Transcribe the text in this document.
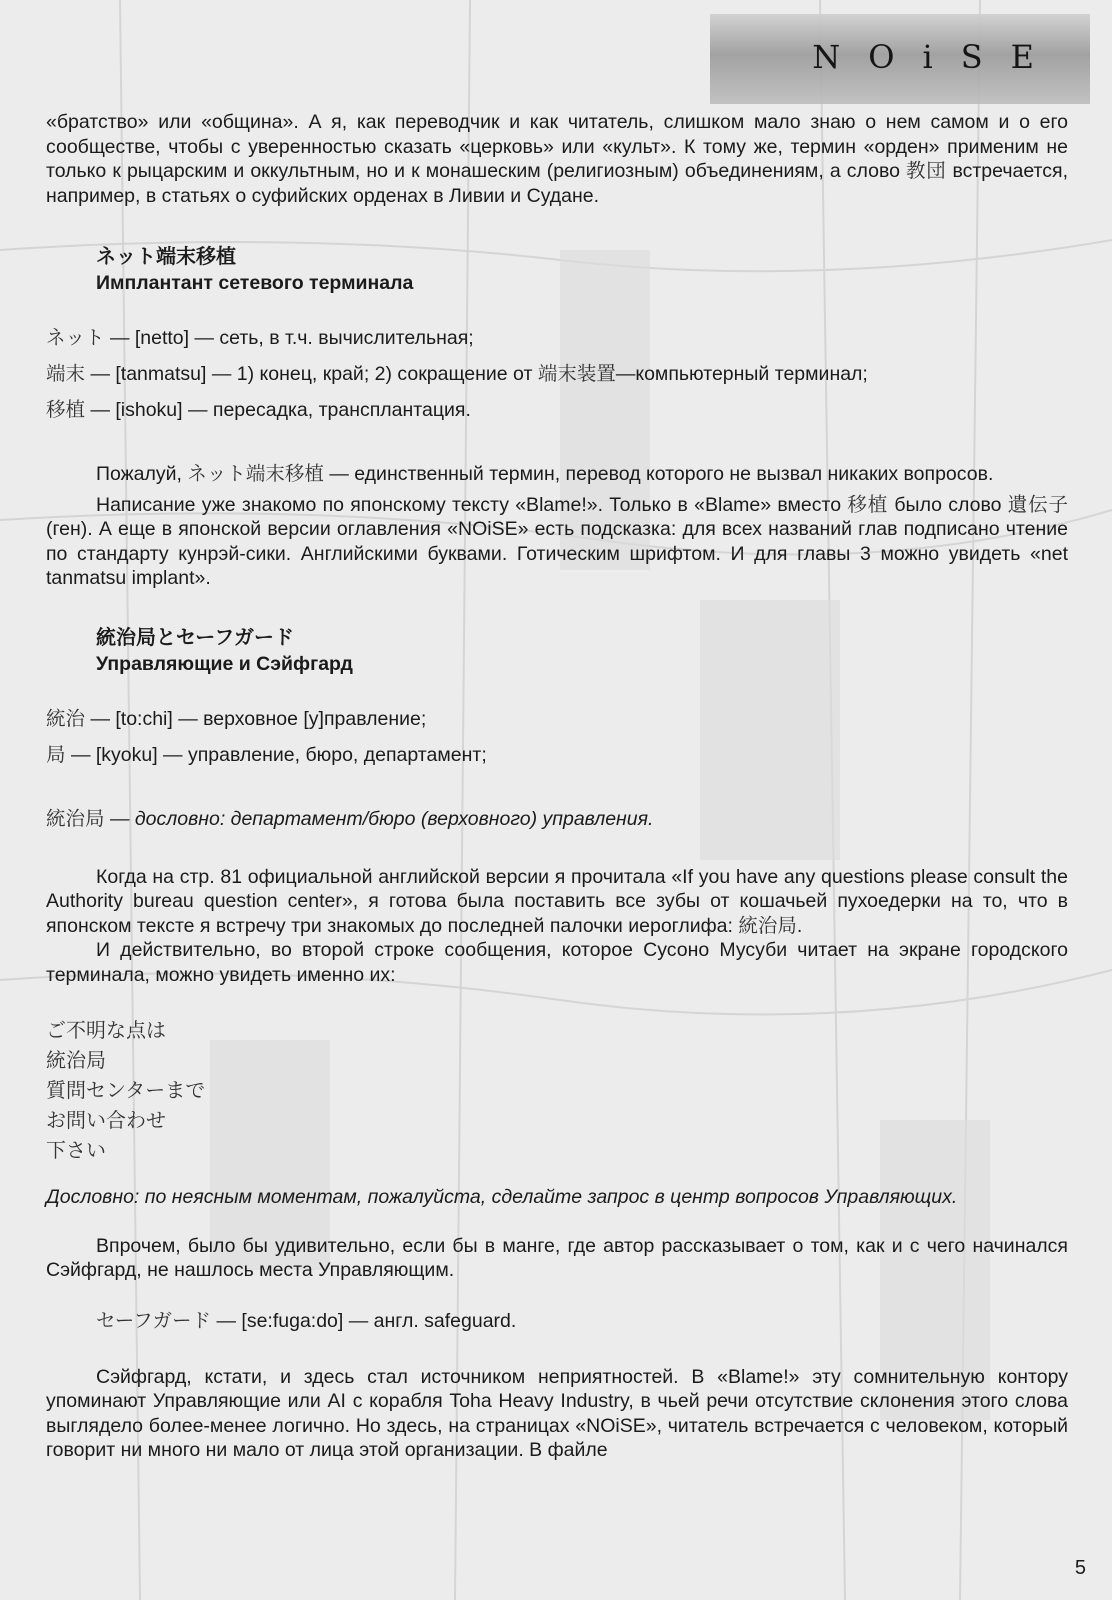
NOiSE

«братство» или «община». А я, как переводчик и как читатель, слишком мало знаю о нем самом и о его сообществе, чтобы с уверенностью сказать «церковь» или «культ». К тому же, термин «орден» применим не только к рыцарским и оккультным, но и к монашеским (религиозным) объединениям, а слово 教団 встречается, например, в статьях о суфийских орденах в Ливии и Судане.

ネット端末移植
Имплантант сетевого терминала
ネット — [netto] — сеть, в т.ч. вычислительная;
端末 — [tanmatsu] — 1) конец, край; 2) сокращение от 端末装置—компьютерный терминал;
移植 — [ishoku] — пересадка, трансплантация.

Пожалуй, ネット端末移植 — единственный термин, перевод которого не вызвал никаких вопросов.

Написание уже знакомо по японскому тексту «Blame!». Только в «Blame» вместо 移植 было слово 遺伝子 (ген). А еще в японской версии оглавления «NOiSE» есть подсказка: для всех названий глав подписано чтение по стандарту кунрэй-сики. Английскими буквами. Готическим шрифтом. И для главы 3 можно увидеть «net tanmatsu implant».

統治局とセーフガード
Управляющие и Сэйфгард
統治 — [to:chi] — верховное [у]правление;
局 — [kyoku] — управление, бюро, департамент;
統治局 — дословно: департамент/бюро (верховного) управления.

Когда на стр. 81 официальной английской версии я прочитала «If you have any questions please consult the Authority bureau question center», я готова была поставить все зубы от кошачьей пухоедерки на то, что в японском тексте я встречу три знакомых до последней палочки иероглифа: 統治局.

И действительно, во второй строке сообщения, которое Сусоно Мусуби читает на экране городского терминала, можно увидеть именно их:

ご不明な点は
統治局
質問センターまで
お問い合わせ
下さい

Дословно: по неясным моментам, пожалуйста, сделайте запрос в центр вопросов Управляющих.

Впрочем, было бы удивительно, если бы в манге, где автор рассказывает о том, как и с чего начинался Сэйфгард, не нашлось места Управляющим.

セーフガード — [se:fuga:do] — англ. safeguard.

Сэйфгард, кстати, и здесь стал источником неприятностей. В «Blame!» эту сомнительную контору упоминают Управляющие или AI с корабля Toha Heavy Industry, в чьей речи отсутствие склонения этого слова выглядело более-менее логично. Но здесь, на страницах «NOiSE», читатель встречается с человеком, который говорит ни много ни мало от лица этой организации. В файле

5
